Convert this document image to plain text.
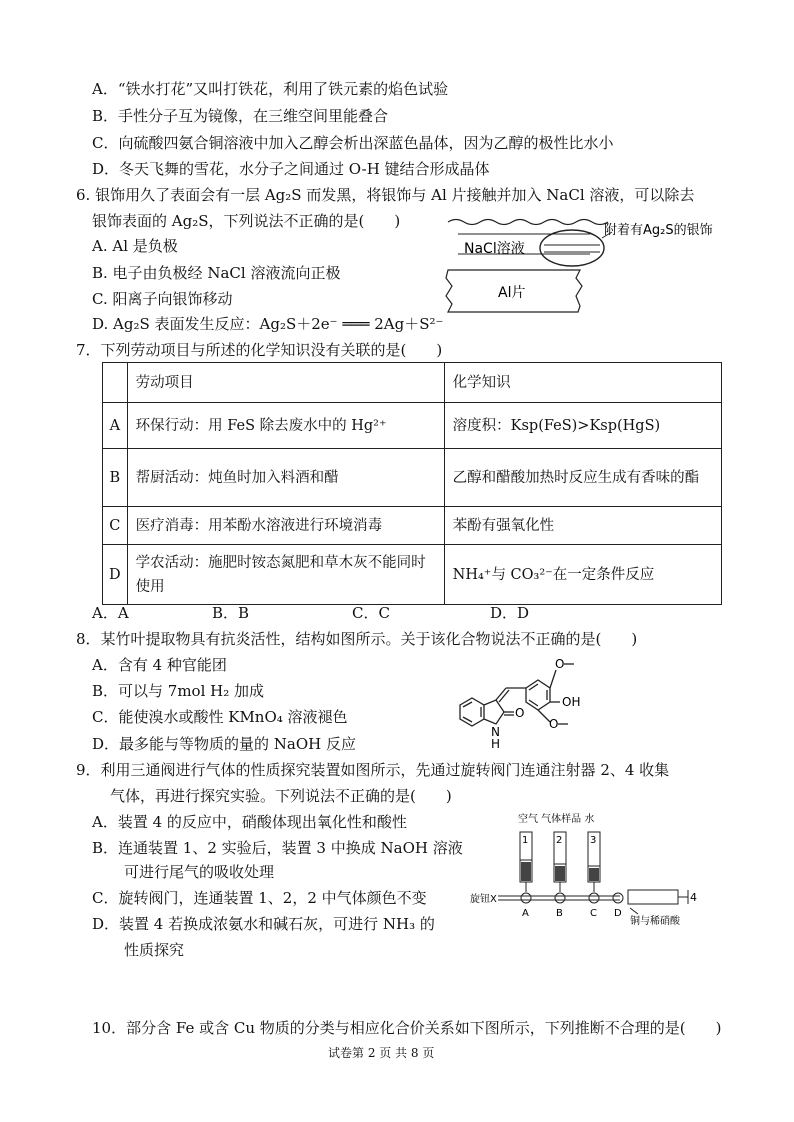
A．“铁水打花”又叫打铁花，利用了铁元素的焰色试验
B．手性分子互为镜像，在三维空间里能叠合
C．向硫酸四氨合铜溶液中加入乙醇会析出深蓝色晶体，因为乙醇的极性比水小
D．冬天飞舞的雪花，水分子之间通过 O-H 键结合形成晶体
6. 银饰用久了表面会有一层 Ag₂S 而发黑，将银饰与 Al 片接触并加入 NaCl 溶液，可以除去
银饰表面的 Ag₂S，下列说法不正确的是(　　)
A. Al 是负极
B. 电子由负极经 NaCl 溶液流向正极
C. 阳离子向银饰移动
D. Ag₂S 表面发生反应：Ag₂S＋2e⁻ ═══ 2Ag＋S²⁻
NaCl溶液
附着有Ag₂S的银饰
Al片
7．下列劳动项目与所述的化学知识没有关联的是(　　)
	劳动项目	化学知识
A	环保行动：用 FeS 除去废水中的 Hg²⁺	溶度积：Ksp(FeS)>Ksp(HgS)
B	帮厨活动：炖鱼时加入料酒和醋	乙醇和醋酸加热时反应生成有香味的酯
C	医疗消毒：用苯酚水溶液进行环境消毒	苯酚有强氧化性
D	学农活动：施肥时铵态氮肥和草木灰不能同时使用	NH₄⁺与 CO₃²⁻在一定条件反应
A．A	B．B	C．C	D．D
8．某竹叶提取物具有抗炎活性，结构如图所示。关于该化合物说法不正确的是(　　)
A．含有 4 种官能团
B．可以与 7mol H₂ 加成
C．能使溴水或酸性 KMnO₄ 溶液褪色
D．最多能与等物质的量的 NaOH 反应
O
OH
O
O
N
H
9．利用三通阀进行气体的性质探究装置如图所示，先通过旋转阀门连通注射器 2、4 收集
气体，再进行探究实验。下列说法不正确的是(　　)
A．装置 4 的反应中，硝酸体现出氧化性和酸性
B．连通装置 1、2 实验后，装置 3 中换成 NaOH 溶液
可进行尾气的吸收处理
C．旋转阀门，连通装置 1、2，2 中气体颜色不变
D．装置 4 若换成浓氨水和碱石灰，可进行 NH₃ 的
性质探究
空气 气体样品 水
1	2	3
4
旋钮X
A	B	C D
铜与稀硝酸
10．部分含 Fe 或含 Cu 物质的分类与相应化合价关系如下图所示，下列推断不合理的是(　　)
试卷第 2 页 共 8 页
